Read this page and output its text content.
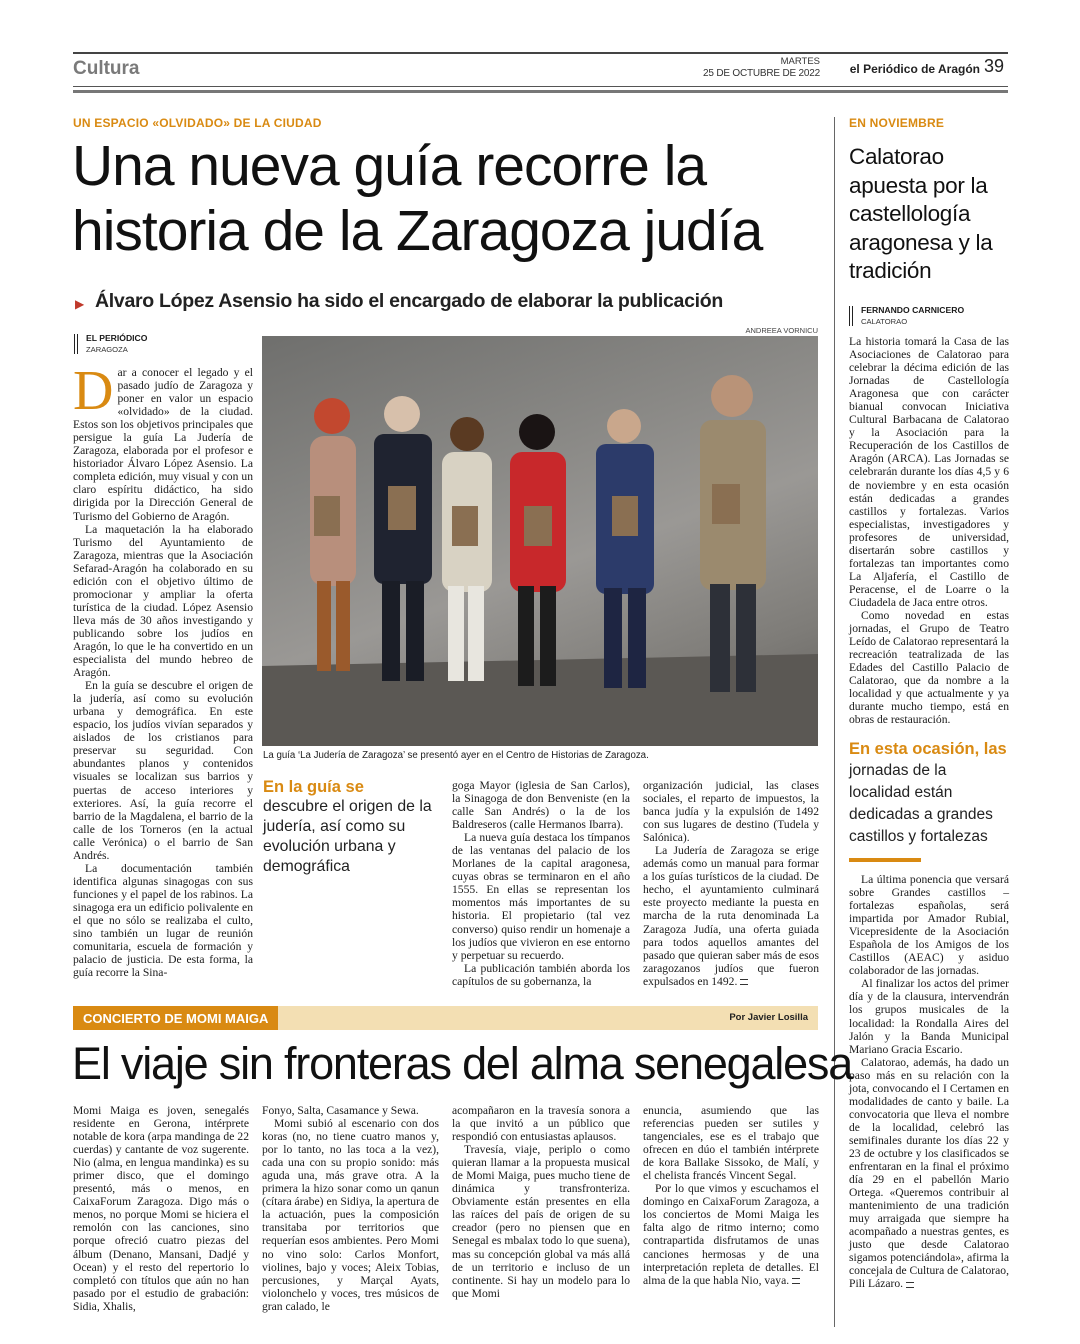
Cultura	MARTES
25 DE OCTUBRE DE 2022	el Periódico de Aragón 39
UN ESPACIO «OLVIDADO» DE LA CIUDAD
Una nueva guía recorre la
historia de la Zaragoza judía
▶ Álvaro López Asensio ha sido el encargado de elaborar la publicación
EL PERIÓDICO
ZARAGOZA
ANDREEA VORNICU
La guía ‘La Judería de Zaragoza’ se presentó ayer en el Centro de Historias de Zaragoza.

Dar a conocer el legado y el pasado judío de Zaragoza y poner en valor un espacio «olvidado» de la ciudad. Estos son los objetivos principales que persigue la guía La Judería de Zaragoza, elaborada por el profesor e historiador Álvaro López Asensio. La completa edición, muy visual y con un claro espíritu didáctico, ha sido dirigida por la Dirección General de Turismo del Gobierno de Aragón.

La maquetación la ha elaborado Turismo del Ayuntamiento de Zaragoza, mientras que la Asociación Sefarad-Aragón ha colaborado en su edición con el objetivo último de promocionar y ampliar la oferta turística de la ciudad. López Asensio lleva más de 30 años investigando y publicando sobre los judíos en Aragón, lo que le ha convertido en un especialista del mundo hebreo de Aragón.

En la guía se descubre el origen de la judería, así como su evolución urbana y demográfica. En este espacio, los judíos vivían separados y aislados de los cristianos para preservar su seguridad. Con abundantes planos y contenidos visuales se localizan sus barrios y puertas de acceso interiores y exteriores. Así, la guía recorre el barrio de la Magdalena, el barrio de la calle de los Torneros (en la actual calle Verónica) o el barrio de San Andrés.

La documentación también identifica algunas sinagogas con sus funciones y el papel de los rabinos. La sinagoga era un edificio polivalente en el que no sólo se realizaba el culto, sino también un lugar de reunión comunitaria, escuela de formación y palacio de justicia. De esta forma, la guía recorre la Sina-

En la guía se
descubre el origen de la judería, así como su evolución urbana y demográfica

goga Mayor (iglesia de San Carlos), la Sinagoga de don Benveniste (en la calle San Andrés) o la de los Baldreseros (calle Hermanos Ibarra).

La nueva guía destaca los tímpanos de las ventanas del palacio de los Morlanes de la capital aragonesa, cuyas obras se terminaron en el año 1555. En ellas se representan los momentos más importantes de su historia. El propietario (tal vez converso) quiso rendir un homenaje a los judíos que vivieron en ese entorno y perpetuar su recuerdo.

La publicación también aborda los capítulos de su gobernanza, la

organización judicial, las clases sociales, el reparto de impuestos, la banca judía y la expulsión de 1492 con sus lugares de destino (Tudela y Salónica).

La Judería de Zaragoza se erige además como un manual para formar a los guías turísticos de la ciudad. De hecho, el ayuntamiento culminará este proyecto mediante la puesta en marcha de la ruta denominada La Zaragoza Judía, una oferta guiada para todos aquellos amantes del pasado que quieran saber más de esos zaragozanos judíos que fueron expulsados en 1492.

EN NOVIEMBRE
Calatorao apuesta por la castellología aragonesa y la tradición
FERNANDO CARNICERO
CALATORAO

La historia tomará la Casa de las Asociaciones de Calatorao para celebrar la décima edición de las Jornadas de Castellología Aragonesa que con carácter bianual convocan Iniciativa Cultural Barbacana de Calatorao y la Asociación para la Recuperación de los Castillos de Aragón (ARCA). Las Jornadas se celebrarán durante los días 4,5 y 6 de noviembre y en esta ocasión están dedicadas a grandes castillos y fortalezas. Varios especialistas, investigadores y profesores de universidad, disertarán sobre castillos y fortalezas tan importantes como La Aljafería, el Castillo de Peracense, el de Loarre o la Ciudadela de Jaca entre otros.

Como novedad en estas jornadas, el Grupo de Teatro Leído de Calatorao representará la recreación teatralizada de las Edades del Castillo Palacio de Calatorao, que da nombre a la localidad y que actualmente y ya durante mucho tiempo, está en obras de restauración.

En esta ocasión, las jornadas de la localidad están dedicadas a grandes castillos y fortalezas

La última ponencia que versará sobre Grandes castillos –fortalezas españolas, será impartida por Amador Rubial, Vicepresidente de la Asociación Española de los Amigos de los Castillos (AEAC) y asiduo colaborador de las jornadas.

Al finalizar los actos del primer día y de la clausura, intervendrán los grupos musicales de la localidad: la Rondalla Aires del Jalón y la Banda Municipal Mariano Gracia Escario.

Calatorao, además, ha dado un paso más en su relación con la jota, convocando el I Certamen en modalidades de canto y baile. La convocatoria que lleva el nombre de la localidad, celebró las semifinales durante los días 22 y 23 de octubre y los clasificados se enfrentaran en la final el próximo día 29 en el pabellón Mario Ortega. «Queremos contribuir al mantenimiento de una tradición muy arraigada que siempre ha acompañado a nuestras gentes, es justo que desde Calatorao sigamos potenciándola», afirma la concejala de Cultura de Calatorao, Pili Lázaro.

CONCIERTO DE MOMI MAIGA	Por Javier Losilla
El viaje sin fronteras del alma senegalesa

Momi Maiga es joven, senegalés residente en Gerona, intérprete notable de kora (arpa mandinga de 22 cuerdas) y cantante de voz sugerente. Nio (alma, en lengua mandinka) es su primer disco, que el domingo presentó, más o menos, en CaixaForum Zaragoza. Digo más o menos, no porque Momi se hiciera el remolón con las canciones, sino porque ofreció cuatro piezas del álbum (Denano, Mansani, Dadjé y Ocean) y el resto del repertorio lo completó con títulos que aún no han pasado por el estudio de grabación: Sidia, Xhalis,

Fonyo, Salta, Casamance y Sewa.

Momi subió al escenario con dos koras (no, no tiene cuatro manos y, por lo tanto, no las toca a la vez), cada una con su propio sonido: más aguda una, más grave otra. A la primera la hizo sonar como un qanun (cítara árabe) en Sidiya, la apertura de la actuación, pues la composición transitaba por territorios que requerían esos ambientes. Pero Momi no vino solo: Carlos Monfort, violines, bajo y voces; Aleix Tobias, percusiones, y Marçal Ayats, violonchelo y voces, tres músicos de gran calado, le

acompañaron en la travesía sonora a la que invitó a un público que respondió con entusiastas aplausos.

Travesía, viaje, periplo o como quieran llamar a la propuesta musical de Momi Maiga, pues mucho tiene de dinámica y transfronteriza. Obviamente están presentes en ella las raíces del país de origen de su creador (pero no piensen que en Senegal es mbalax todo lo que suena), mas su concepción global va más allá de un territorio e incluso de un continente. Si hay un modelo para lo que Momi

enuncia, asumiendo que las referencias pueden ser sutiles y tangenciales, ese es el trabajo que ofrecen en dúo el también intérprete de kora Ballake Sissoko, de Malí, y el chelista francés Vincent Segal.

Por lo que vimos y escuchamos el domingo en CaixaForum Zaragoza, a los conciertos de Momi Maiga les falta algo de ritmo interno; como contrapartida disfrutamos de unas canciones hermosas y de una interpretación repleta de detalles. El alma de la que habla Nio, vaya.
